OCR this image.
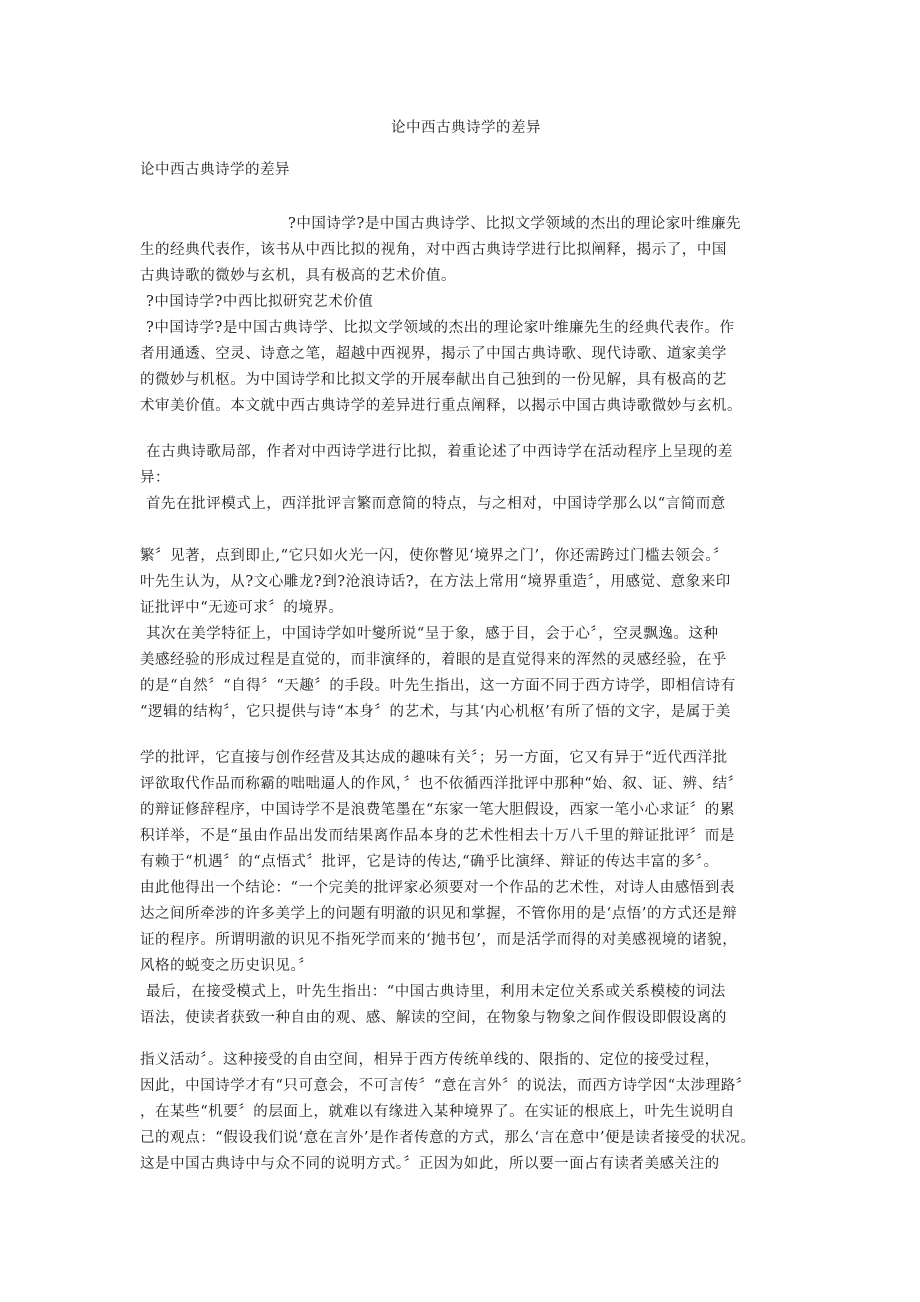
论中西古典诗学的差异
论中西古典诗学的差异
?中国诗学?是中国古典诗学、比拟文学领域的杰出的理论家叶维廉先
生的经典代表作，该书从中西比拟的视角，对中西古典诗学进行比拟阐释，揭示了，中国
古典诗歌的微妙与玄机，具有极高的艺术价值。
?中国诗学?中西比拟研究艺术价值
?中国诗学?是中国古典诗学、比拟文学领域的杰出的理论家叶维廉先生的经典代表作。作
者用通透、空灵、诗意之笔，超越中西视界，揭示了中国古典诗歌、现代诗歌、道家美学
的微妙与机枢。为中国诗学和比拟文学的开展奉献出自己独到的一份见解，具有极高的艺
术审美价值。本文就中西古典诗学的差异进行重点阐释，以揭示中国古典诗歌微妙与玄机。
在古典诗歌局部，作者对中西诗学进行比拟，着重论述了中西诗学在活动程序上呈现的差
异：
首先在批评模式上，西洋批评言繁而意简的特点，与之相对，中国诗学那么以“言简而意
繁〞见著，点到即止,“它只如火光一闪，使你瞥见‘境界之门’，你还需跨过门槛去领会。〞
叶先生认为，从?文心雕龙?到?沧浪诗话?，在方法上常用“境界重造〞，用感觉、意象来印
证批评中“无迹可求〞的境界。
其次在美学特征上，中国诗学如叶燮所说“呈于象，感于目，会于心〞，空灵飘逸。这种
美感经验的形成过程是直觉的，而非演绎的，着眼的是直觉得来的浑然的灵感经验，在乎
的是“自然〞“自得〞“天趣〞的手段。叶先生指出，这一方面不同于西方诗学，即相信诗有
“逻辑的结构〞，它只提供与诗“本身〞的艺术，与其‘内心机枢’有所了悟的文字，是属于美
学的批评，它直接与创作经营及其达成的趣味有关〞；另一方面，它又有异于“近代西洋批
评欲取代作品而称霸的咄咄逼人的作风，〞也不依循西洋批评中那种“始、叙、证、辨、结〞
的辩证修辞程序，中国诗学不是浪费笔墨在“东家一笔大胆假设，西家一笔小心求证〞的累
积详举，不是“虽由作品出发而结果离作品本身的艺术性相去十万八千里的辩证批评〞而是
有赖于“机遇〞的“点悟式〞批评，它是诗的传达,“确乎比演绎、辩证的传达丰富的多〞。
由此他得出一个结论：“一个完美的批评家必须要对一个作品的艺术性，对诗人由感悟到表
达之间所牵涉的许多美学上的问题有明澈的识见和掌握，不管你用的是‘点悟’的方式还是辩
证的程序。所谓明澈的识见不指死学而来的‘抛书包’，而是活学而得的对美感视境的诸貌，
风格的蜕变之历史识见。〞
最后，在接受模式上，叶先生指出：“中国古典诗里，利用未定位关系或关系模棱的词法
语法，使读者获致一种自由的观、感、解读的空间，在物象与物象之间作假设即假设离的
指义活动〞。这种接受的自由空间，相异于西方传统单线的、限指的、定位的接受过程，
因此，中国诗学才有“只可意会，不可言传〞“意在言外〞的说法，而西方诗学因“太涉理路〞
，在某些“机要〞的层面上，就难以有缘进入某种境界了。在实证的根底上，叶先生说明自
己的观点：“假设我们说‘意在言外’是作者传意的方式，那么‘言在意中’便是读者接受的状况。
这是中国古典诗中与众不同的说明方式。〞正因为如此，所以要一面占有读者美感关注的
